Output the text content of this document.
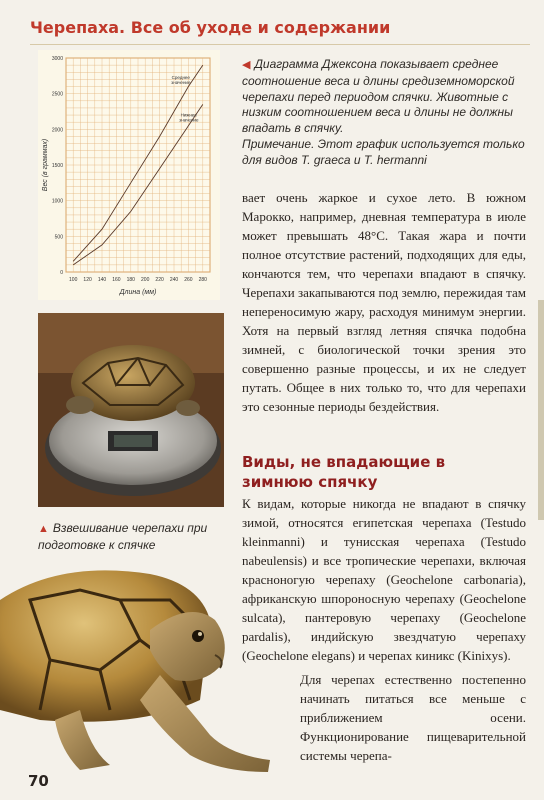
Черепаха. Все об уходе и содержании
100 120 140 160 180 200 220 240 260 280
0
500
1000
1500
2000
2500
3000
Длина (мм)
Вес (в граммах)
Среднее значение
Нижнее значение
◀ Диаграмма Джексона показывает среднее соотношение веса и длины средиземноморской черепахи перед периодом спячки. Животные с низким соотношением веса и длины не должны впадать в спячку.
Примечание. Этот график используется только для видов T. graeca и T. hermanni
вает очень жаркое и сухое лето. В южном Марокко, например, дневная температура в июле может превышать 48°С. Такая жара и почти полное отсутствие растений, подходящих для еды, кончаются тем, что черепахи впадают в спячку. Черепахи закапываются под землю, пережидая там непереносимую жару, расходуя минимум энергии. Хотя на первый взгляд летняя спячка подобна зимней, с биологической точки зрения это совершенно разные процессы, и их не следует путать. Общее в них только то, что для черепахи это сезонные периоды бездействия.
Виды, не впадающие в зимнюю спячку
К видам, которые никогда не впадают в спячку зимой, относятся египетская черепаха (Testudo kleinmanni) и тунисская черепаха (Testudo nabeulensis) и все тропические черепахи, включая красноногую черепаху (Geochelone carbonaria), африканскую шпороносную черепаху (Geochelone sulcata), пантеровую черепаху (Geochelone pardalis), индийскую звездчатую черепаху (Geochelone elegans) и черепах киникс (Kinixys).
Для черепах естественно постепенно начинать питаться все меньше с приближением осени. Функционирование пищеварительной системы черепа-
▲ Взвешивание черепахи при подготовке к спячке
70
